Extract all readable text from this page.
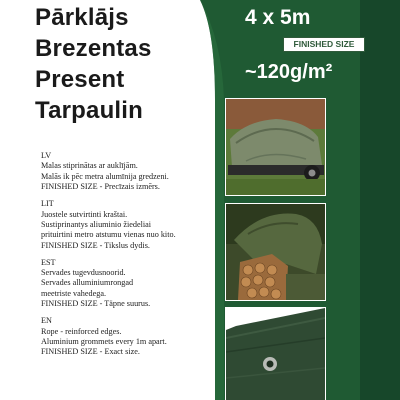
Pārklājs
Brezentas
Present
Tarpaulin
4 x 5m
FINISHED SIZE
~120g/m²
LV
Malas stiprinātas ar auklījām.
Malās ik pēc metra alumīnija gredzeni.
FINISHED SIZE - Precīzais izmērs.
LIT
Juostele sutvirtinti kraštai.
Sustiprinantys aliuminio žiedeliai
prituirtini metro atstumu vienas nuo kito.
FINISHED SIZE - Tikslus dydis.
EST
Servades tugevdusnoorid.
Servades alluminiumrongad
meetriste vahedega.
FINISHED SIZE - Täpne suurus.
EN
Rope - reinforced edges.
Aluminium grommets every 1m apart.
FINISHED SIZE - Exact size.
